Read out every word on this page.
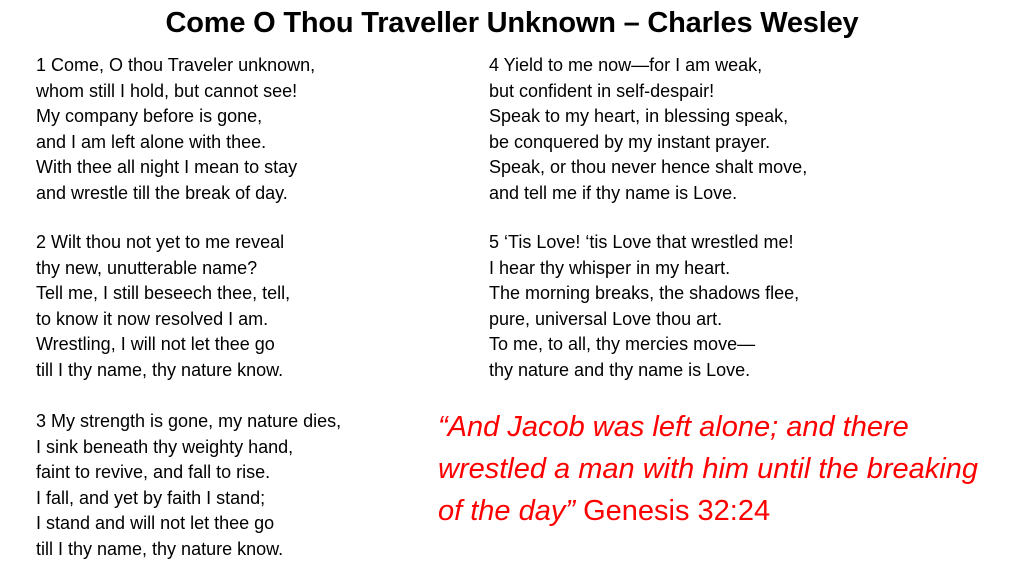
Come O Thou Traveller Unknown – Charles Wesley
1 Come, O thou Traveler unknown,
whom still I hold, but cannot see!
My company before is gone,
and I am left alone with thee.
With thee all night I mean to stay
and wrestle till the break of day.
2 Wilt thou not yet to me reveal
thy new, unutterable name?
Tell me, I still beseech thee, tell,
to know it now resolved I am.
Wrestling, I will not let thee go
till I thy name, thy nature know.
3 My strength is gone, my nature dies,
I sink beneath thy weighty hand,
faint to revive, and fall to rise.
I fall, and yet by faith I stand;
I stand and will not let thee go
till I thy name, thy nature know.
4 Yield to me now—for I am weak,
but confident in self-despair!
Speak to my heart, in blessing speak,
be conquered by my instant prayer.
Speak, or thou never hence shalt move,
and tell me if thy name is Love.
5 ‘Tis Love! ‘tis Love that wrestled me!
I hear thy whisper in my heart.
The morning breaks, the shadows flee,
pure, universal Love thou art.
To me, to all, thy mercies move—
thy nature and thy name is Love.
“And Jacob was left alone; and there wrestled a man with him until the breaking of the day” Genesis 32:24
